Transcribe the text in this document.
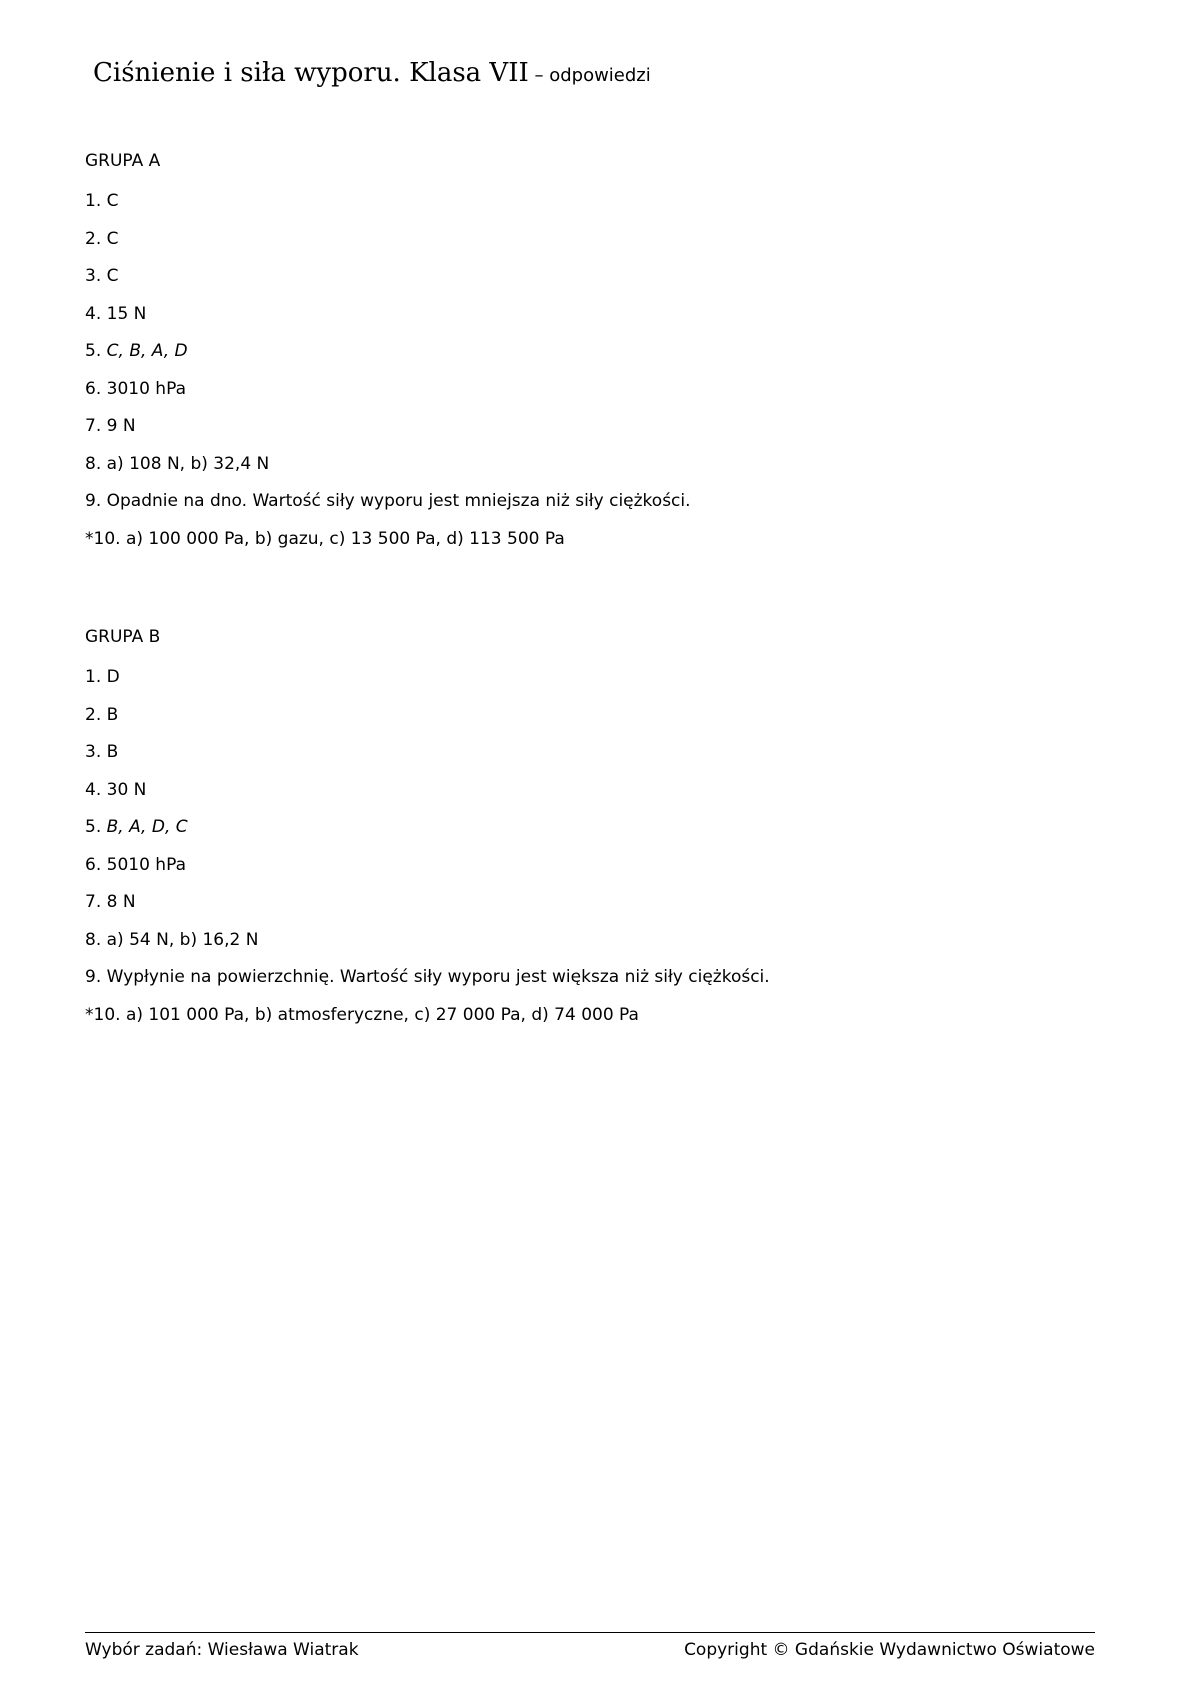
Ciśnienie i siła wyporu. Klasa VII – odpowiedzi
GRUPA A
1. C
2. C
3. C
4. 15 N
5. C, B, A, D
6. 3010 hPa
7. 9 N
8. a) 108 N, b) 32,4 N
9. Opadnie na dno. Wartość siły wyporu jest mniejsza niż siły ciężkości.
*10. a) 100 000 Pa, b) gazu, c) 13 500 Pa, d) 113 500 Pa
GRUPA B
1. D
2. B
3. B
4. 30 N
5. B, A, D, C
6. 5010 hPa
7. 8 N
8. a) 54 N, b) 16,2 N
9. Wypłynie na powierzchnię. Wartość siły wyporu jest większa niż siły ciężkości.
*10. a) 101 000 Pa, b) atmosferyczne, c) 27 000 Pa, d) 74 000 Pa
Wybór zadań: Wiesława Wiatrak	Copyright © Gdańskie Wydawnictwo Oświatowe
